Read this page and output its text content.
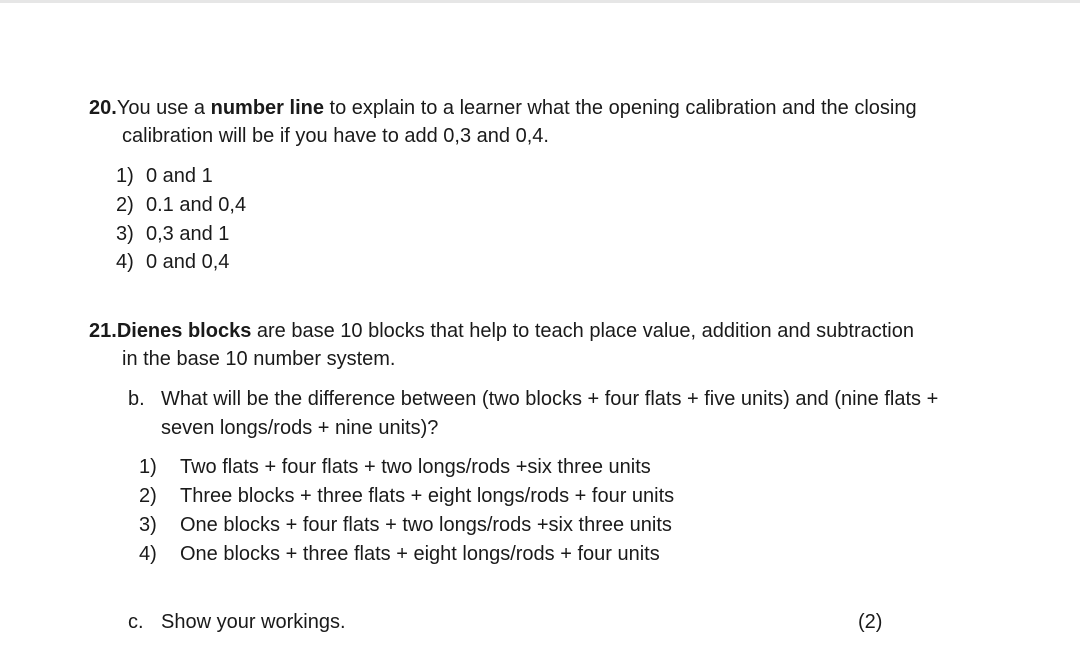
20.You use a number line to explain to a learner what the opening calibration and the closing
calibration will be if you have to add 0,3 and 0,4.
1) 0 and 1
2) 0.1 and 0,4
3) 0,3 and 1
4) 0 and 0,4
21.Dienes blocks are base 10 blocks that help to teach place value, addition and subtraction
in the base 10 number system.
b. What will be the difference between (two blocks + four flats + five units) and (nine flats +
seven longs/rods + nine units)?
1) Two flats + four flats + two longs/rods +six three units
2) Three blocks + three flats + eight longs/rods + four units
3) One blocks + four flats + two longs/rods +six three units
4) One blocks + three flats + eight longs/rods + four units
c. Show your workings.	(2)
